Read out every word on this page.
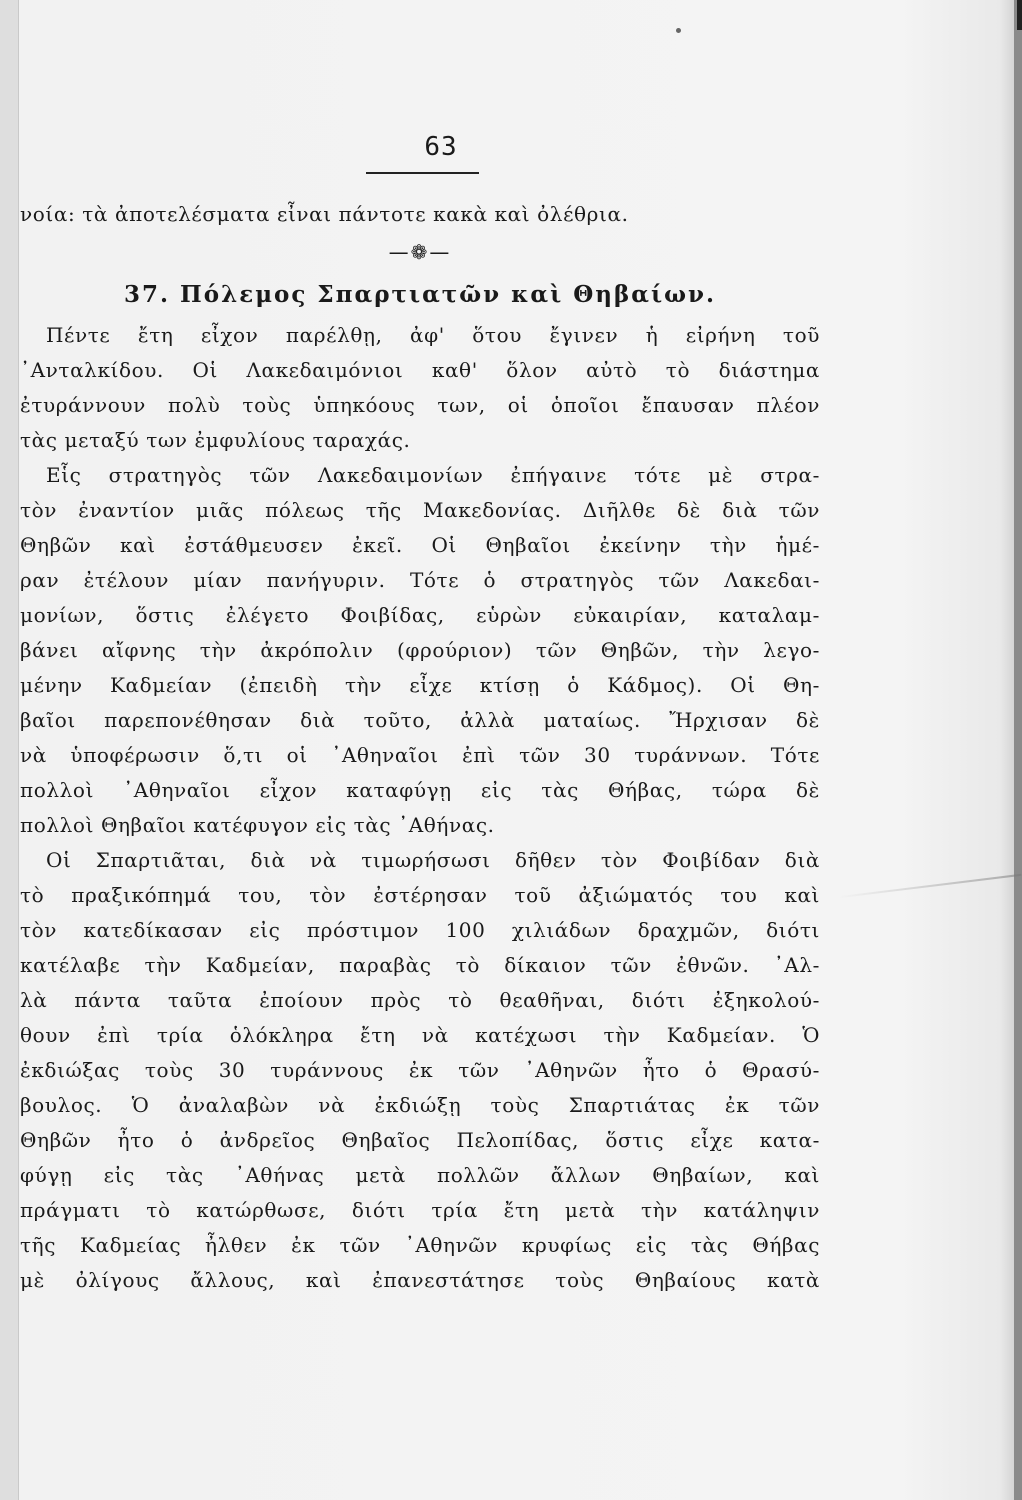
63
νοία: τὰ ἀποτελέσματα εἶναι πάντοτε κακὰ καὶ ὀλέθρια.
—❁—
37. Πόλεμος Σπαρτιατῶν καὶ Θηβαίων.
Πέντε ἔτη εἶχον παρέλθῃ, ἀφ' ὅτου ἔγινεν ἡ εἰρήνη τοῦ
᾿Ανταλκίδου. Οἱ Λακεδαιμόνιοι καθ' ὅλον αὐτὸ τὸ διάστημα
ἐτυράννουν πολὺ τοὺς ὑπηκόους των, οἱ ὁποῖοι ἔπαυσαν πλέον
τὰς μεταξύ των ἐμφυλίους ταραχάς.
Εἷς στρατηγὸς τῶν Λακεδαιμονίων ἐπήγαινε τότε μὲ στρα-
τὸν ἐναντίον μιᾶς πόλεως τῆς Μακεδονίας. Διῆλθε δὲ διὰ τῶν
Θηβῶν καὶ ἐστάθμευσεν ἐκεῖ. Οἱ Θηβαῖοι ἐκείνην τὴν ἡμέ-
ραν ἐτέλουν μίαν πανήγυριν. Τότε ὁ στρατηγὸς τῶν Λακεδαι-
μονίων, ὅστις ἐλέγετο Φοιβίδας, εὑρὼν εὐκαιρίαν, καταλαμ-
βάνει αἴφνης τὴν ἀκρόπολιν (φρούριον) τῶν Θηβῶν, τὴν λεγο-
μένην Καδμείαν (ἐπειδὴ τὴν εἶχε κτίσῃ ὁ Κάδμος). Οἱ Θη-
βαῖοι παρεπονέθησαν διὰ τοῦτο, ἀλλὰ ματαίως. Ἤρχισαν δὲ
νὰ ὑποφέρωσιν ὅ,τι οἱ ᾿Αθηναῖοι ἐπὶ τῶν 30 τυράννων. Τότε
πολλοὶ ᾿Αθηναῖοι εἶχον καταφύγῃ εἰς τὰς Θήβας, τώρα δὲ
πολλοὶ Θηβαῖοι κατέφυγον εἰς τὰς ᾿Αθήνας.
Οἱ Σπαρτιᾶται, διὰ νὰ τιμωρήσωσι δῆθεν τὸν Φοιβίδαν διὰ
τὸ πραξικόπημά του, τὸν ἐστέρησαν τοῦ ἀξιώματός του καὶ
τὸν κατεδίκασαν εἰς πρόστιμον 100 χιλιάδων δραχμῶν, διότι
κατέλαβε τὴν Καδμείαν, παραβὰς τὸ δίκαιον τῶν ἐθνῶν. ᾿Αλ-
λὰ πάντα ταῦτα ἐποίουν πρὸς τὸ θεαθῆναι, διότι ἐξηκολού-
θουν ἐπὶ τρία ὁλόκληρα ἔτη νὰ κατέχωσι τὴν Καδμείαν. Ὁ
ἐκδιώξας τοὺς 30 τυράννους ἐκ τῶν ᾿Αθηνῶν ἦτο ὁ Θρασύ-
βουλος. Ὁ ἀναλαβὼν νὰ ἐκδιώξῃ τοὺς Σπαρτιάτας ἐκ τῶν
Θηβῶν ἦτο ὁ ἀνδρεῖος Θηβαῖος Πελοπίδας, ὅστις εἶχε κατα-
φύγῃ εἰς τὰς ᾿Αθήνας μετὰ πολλῶν ἄλλων Θηβαίων, καὶ
πράγματι τὸ κατώρθωσε, διότι τρία ἔτη μετὰ τὴν κατάληψιν
τῆς Καδμείας ἦλθεν ἐκ τῶν ᾿Αθηνῶν κρυφίως εἰς τὰς Θήβας
μὲ ὀλίγους ἄλλους, καὶ ἐπανεστάτησε τοὺς Θηβαίους κατὰ
